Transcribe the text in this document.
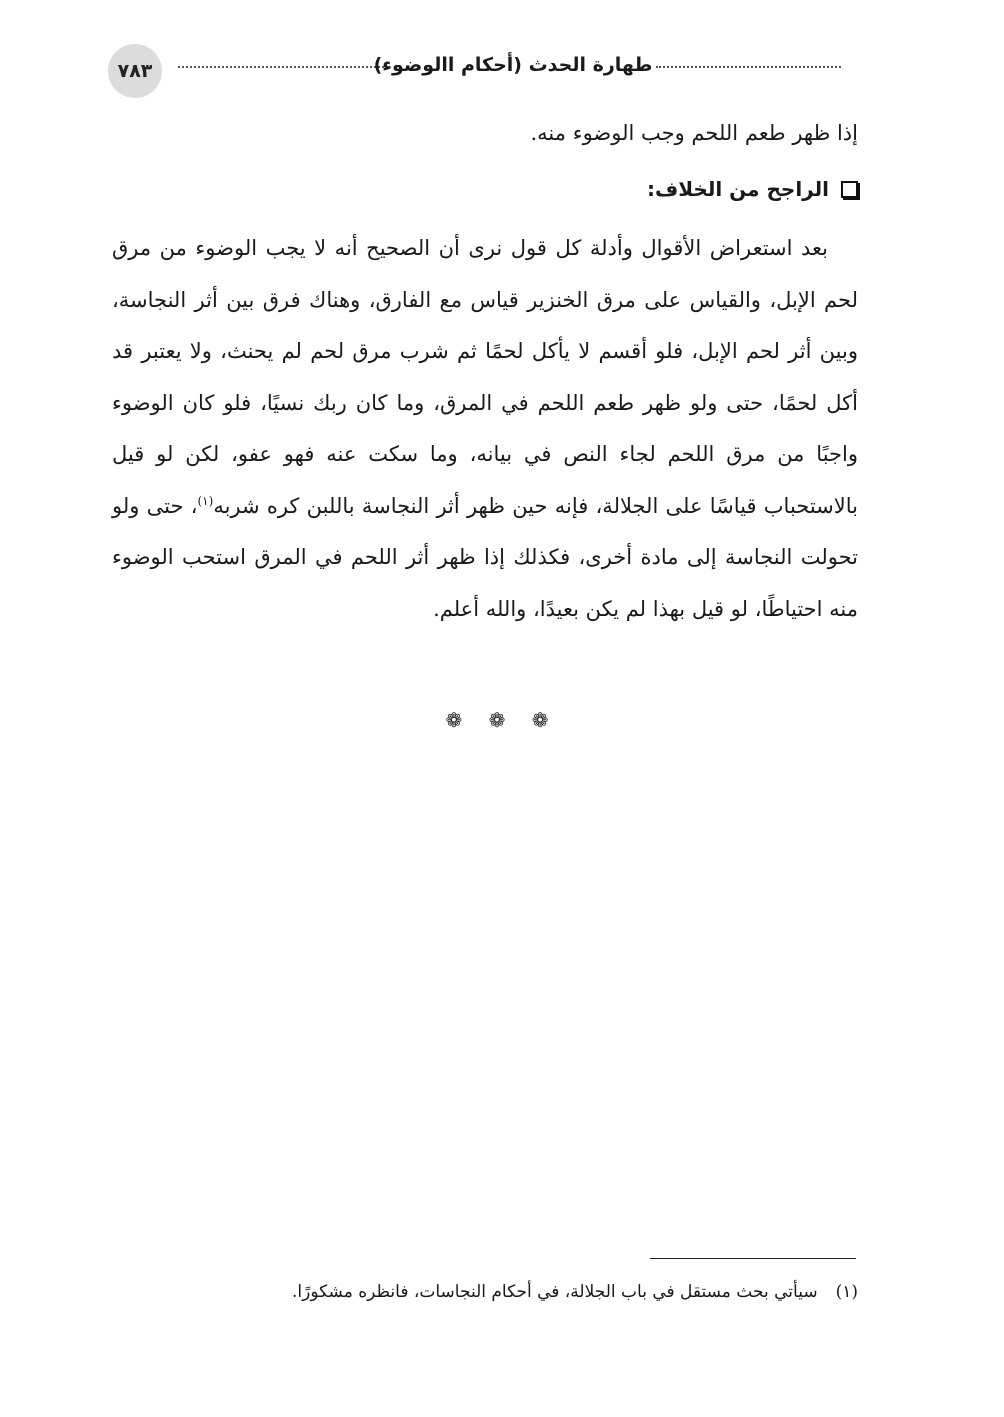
٧٨٣	طهارة الحدث (أحكام االوضوء)

إذا ظهر طعم اللحم وجب الوضوء منه.

الراجح من الخلاف:

بعد استعراض الأقوال وأدلة كل قول نرى أن الصحيح أنه لا يجب الوضوء من مرق لحم الإبل، والقياس على مرق الخنزير قياس مع الفارق، وهناك فرق بين أثر النجاسة، وبين أثر لحم الإبل، فلو أقسم لا يأكل لحمًا ثم شرب مرق لحم لم يحنث، ولا يعتبر قد أكل لحمًا، حتى ولو ظهر طعم اللحم في المرق، وما كان ربك نسيًا، فلو كان الوضوء واجبًا من مرق اللحم لجاء النص في بيانه، وما سكت عنه فهو عفو، لكن لو قيل بالاستحباب قياسًا على الجلالة، فإنه حين ظهر أثر النجاسة باللبن كره شربه$^{(١)}$، حتى ولو تحولت النجاسة إلى مادة أخرى، فكذلك إذا ظهر أثر اللحم في المرق استحب الوضوء منه احتياطًا، لو قيل بهذا لم يكن بعيدًا، والله أعلم.

❁ ❁ ❁
(١)سيأتي بحث مستقل في باب الجلالة، في أحكام النجاسات، فانظره مشكورًا.
